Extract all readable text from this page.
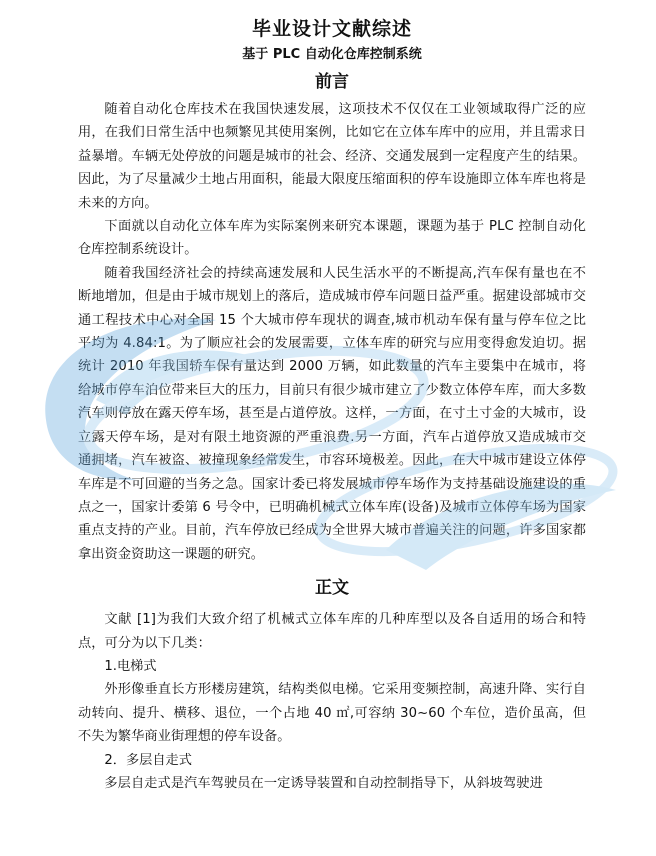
毕业设计文献综述

基于 PLC 自动化仓库控制系统

前言

随着自动化仓库技术在我国快速发展，这项技术不仅仅在工业领域取得广泛的应用，在我们日常生活中也频繁见其使用案例，比如它在立体车库中的应用，并且需求日益暴增。车辆无处停放的问题是城市的社会、经济、交通发展到一定程度产生的结果。因此，为了尽量减少土地占用面积，能最大限度压缩面积的停车设施即立体车库也将是未来的方向。

下面就以自动化立体车库为实际案例来研究本课题，课题为基于 PLC 控制自动化仓库控制系统设计。

随着我国经济社会的持续高速发展和人民生活水平的不断提高,汽车保有量也在不断地增加，但是由于城市规划上的落后，造成城市停车问题日益严重。据建设部城市交通工程技术中心对全国 15 个大城市停车现状的调查,城市机动车保有量与停车位之比平均为 4.84:1。为了顺应社会的发展需要，立体车库的研究与应用变得愈发迫切。据统计 2010 年我国轿车保有量达到 2000 万辆，如此数量的汽车主要集中在城市，将给城市停车泊位带来巨大的压力，目前只有很少城市建立了少数立体停车库，而大多数汽车则停放在露天停车场，甚至是占道停放。这样，一方面，在寸土寸金的大城市，设立露天停车场，是对有限土地资源的严重浪费.另一方面，汽车占道停放又造成城市交通拥堵，汽车被盗、被撞现象经常发生，市容环境极差。因此，在大中城市建设立体停车库是不可回避的当务之急。国家计委已将发展城市停车场作为支持基础设施建设的重点之一，国家计委第 6 号令中，已明确机械式立体车库(设备)及城市立体停车场为国家重点支持的产业。目前，汽车停放已经成为全世界大城市普遍关注的问题，许多国家都拿出资金资助这一课题的研究。

正文

文献 [1]为我们大致介绍了机械式立体车库的几种库型以及各自适用的场合和特点，可分为以下几类：

1.电梯式

外形像垂直长方形楼房建筑，结构类似电梯。它采用变频控制，高速升降、实行自动转向、提升、横移、退位，一个占地 40 ㎡,可容纳 30~60 个车位，造价虽高，但不失为繁华商业街理想的停车设备。

2．多层自走式

多层自走式是汽车驾驶员在一定诱导装置和自动控制指导下，从斜坡驾驶进
